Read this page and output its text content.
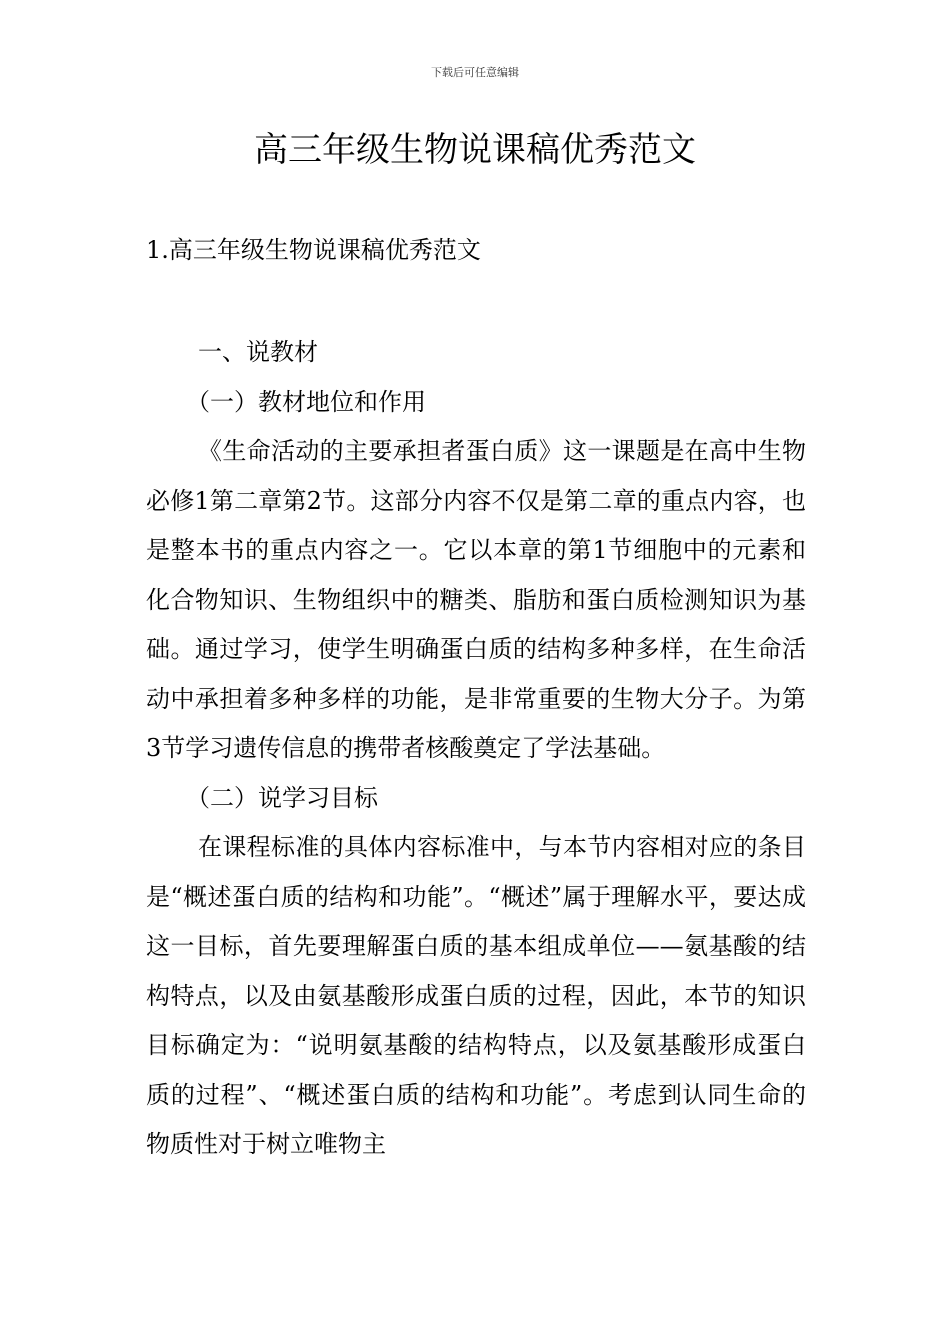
下载后可任意编辑
高三年级生物说课稿优秀范文

1.高三年级生物说课稿优秀范文

一、说教材

（一）教材地位和作用

《生命活动的主要承担者蛋白质》这一课题是在高中生物必修1第二章第2节。这部分内容不仅是第二章的重点内容，也是整本书的重点内容之一。它以本章的第1节细胞中的元素和化合物知识、生物组织中的糖类、脂肪和蛋白质检测知识为基础。通过学习，使学生明确蛋白质的结构多种多样，在生命活动中承担着多种多样的功能，是非常重要的生物大分子。为第3节学习遗传信息的携带者核酸奠定了学法基础。

（二）说学习目标

在课程标准的具体内容标准中，与本节内容相对应的条目是“概述蛋白质的结构和功能”。“概述”属于理解水平，要达成这一目标，首先要理解蛋白质的基本组成单位——氨基酸的结构特点，以及由氨基酸形成蛋白质的过程，因此，本节的知识目标确定为：“说明氨基酸的结构特点，以及氨基酸形成蛋白质的过程”、“概述蛋白质的结构和功能”。考虑到认同生命的物质性对于树立唯物主
